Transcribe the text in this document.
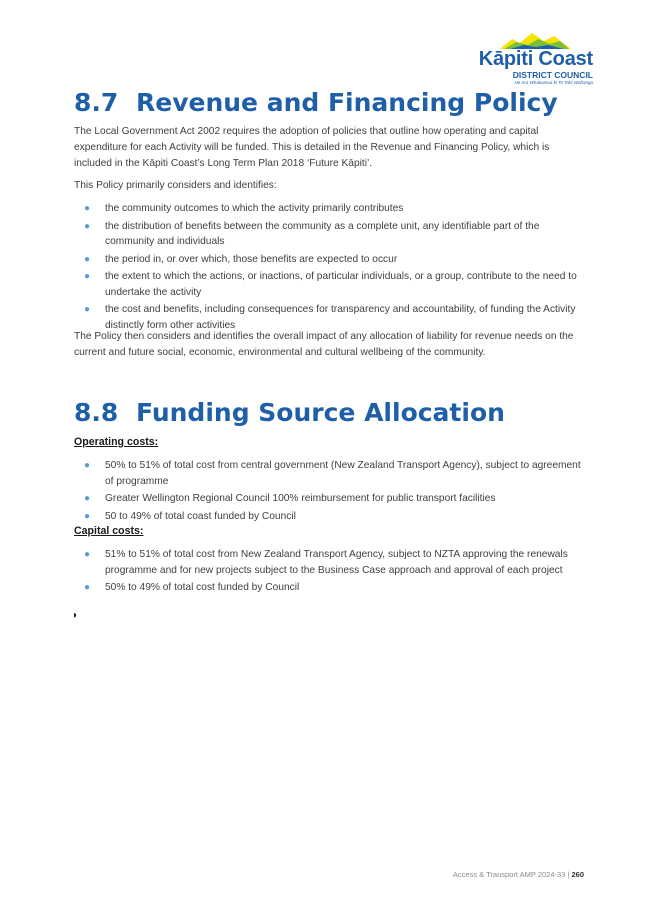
Kāpiti Coast
DISTRICT COUNCIL
He Ara Whakamua ki Te Tahi Wahanga
8.7 Revenue and Financing Policy

The Local Government Act 2002 requires the adoption of policies that outline how operating and capital expenditure for each Activity will be funded. This is detailed in the Revenue and Financing Policy, which is included in the Kāpiti Coast’s Long Term Plan 2018 ‘Future Kāpiti’.

This Policy primarily considers and identifies:

● the community outcomes to which the activity primarily contributes
● the distribution of benefits between the community as a complete unit, any identifiable part of the community and individuals
● the period in, or over which, those benefits are expected to occur
● the extent to which the actions, or inactions, of particular individuals, or a group, contribute to the need to undertake the activity
● the cost and benefits, including consequences for transparency and accountability, of funding the Activity distinctly form other activities

The Policy then considers and identifies the overall impact of any allocation of liability for revenue needs on the current and future social, economic, environmental and cultural wellbeing of the community.

8.8 Funding Source Allocation
Operating costs:
● 50% to 51% of total cost from central government (New Zealand Transport Agency), subject to agreement of programme
● Greater Wellington Regional Council 100% reimbursement for public transport facilities
● 50 to 49% of total coast funded by Council
Capital costs:
● 51% to 51% of total cost from New Zealand Transport Agency, subject to NZTA approving the renewals programme and for new projects subject to the Business Case approach and approval of each project
● 50% to 49% of total cost funded by Council
◗
Access & Transport AMP 2024-33 | 260
